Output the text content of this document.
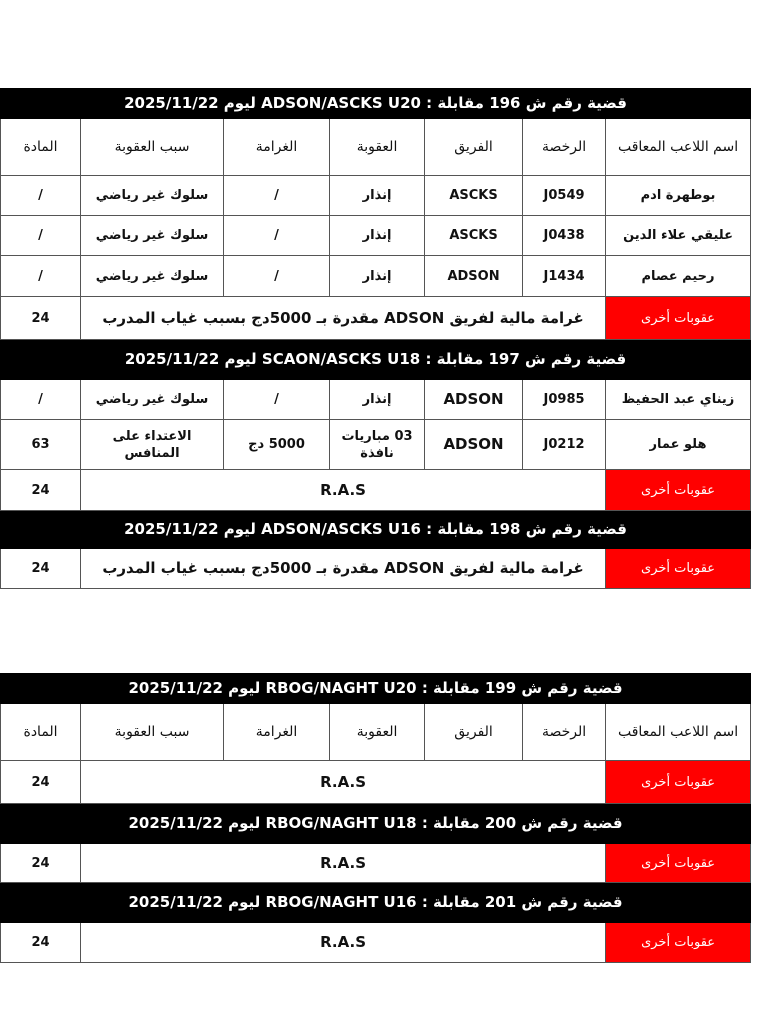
قضية رقم ش 196 مقابلة : ADSON/ASCKS U20 ليوم 2025/11/22						
اسم اللاعب المعاقب	الرخصة	الفريق	العقوبة	الغرامة	سبب العقوبة	المادة
بوطهرة ادم	J0549	ASCKS	إنذار	/	سلوك غير رياضي	/
عليقي علاء الدين	J0438	ASCKS	إنذار	/	سلوك غير رياضي	/
رحيم عصام	J1434	ADSON	إنذار	/	سلوك غير رياضي	/
عقوبات أخرى	غرامة مالية لفريق ADSON مقدرة بـ 5000دج بسبب غياب المدرب					24
قضية رقم ش 197 مقابلة : SCAON/ASCKS U18 ليوم 2025/11/22						
زيناي عبد الحفيظ	J0985	ADSON	إنذار	/	سلوك غير رياضي	/
هلو عمار	J0212	ADSON	03 مباريات نافذة	5000 دج	الاعتداء على المنافس	63
عقوبات أخرى	R.A.S					24
قضية رقم ش 198 مقابلة : ADSON/ASCKS U16 ليوم 2025/11/22						
عقوبات أخرى	غرامة مالية لفريق ADSON مقدرة بـ 5000دج بسبب غياب المدرب					24
قضية رقم ش 199 مقابلة : RBOG/NAGHT U20 ليوم 2025/11/22						
اسم اللاعب المعاقب	الرخصة	الفريق	العقوبة	الغرامة	سبب العقوبة	المادة
عقوبات أخرى	R.A.S					24
قضية رقم ش 200 مقابلة : RBOG/NAGHT U18 ليوم 2025/11/22						
عقوبات أخرى	R.A.S					24
قضية رقم ش 201 مقابلة : RBOG/NAGHT U16 ليوم 2025/11/22						
عقوبات أخرى	R.A.S					24
